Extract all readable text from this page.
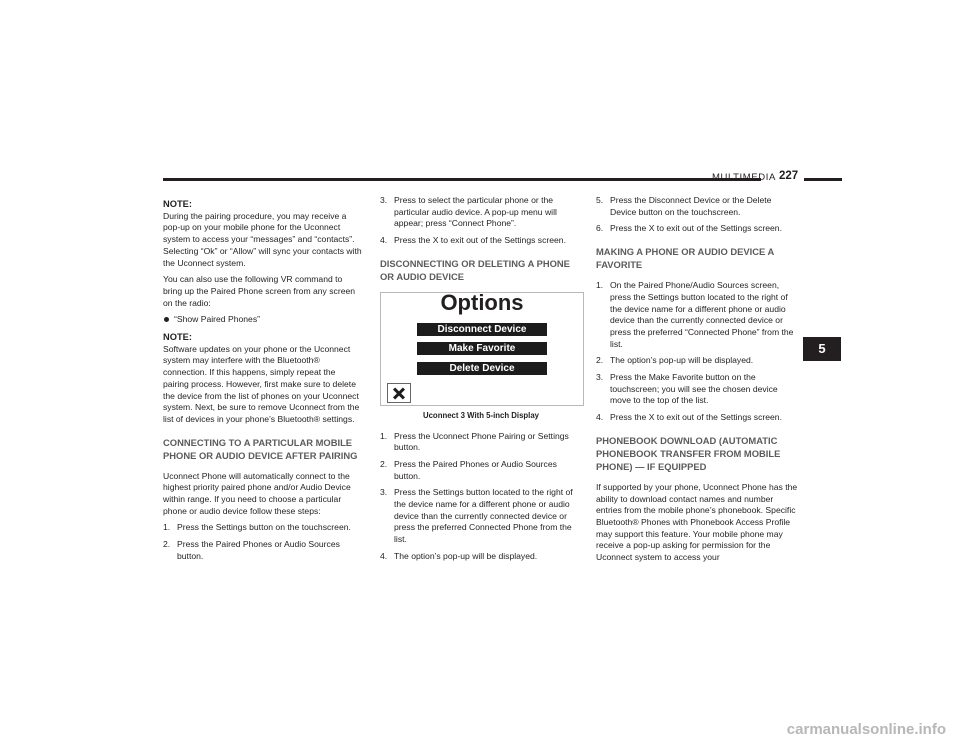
MULTIMEDIA 227
5
NOTE:

During the pairing procedure, you may receive a pop-up on your mobile phone for the Uconnect system to access your “messages” and “contacts”. Selecting “Ok” or “Allow” will sync your contacts with the Uconnect system.

You can also use the following VR command to bring up the Paired Phone screen from any screen on the radio:

“Show Paired Phones”
NOTE:

Software updates on your phone or the Uconnect system may interfere with the Bluetooth® connection. If this happens, simply repeat the pairing process. However, first make sure to delete the device from the list of phones on your Uconnect system. Next, be sure to remove Uconnect from the list of devices in your phone’s Bluetooth® settings.

CONNECTING TO A PARTICULAR MOBILE PHONE OR AUDIO DEVICE AFTER PAIRING

Uconnect Phone will automatically connect to the highest priority paired phone and/or Audio Device within range. If you need to choose a particular phone or audio device follow these steps:

1. Press the Settings button on the touchscreen.
2. Press the Paired Phones or Audio Sources button.
3. Press to select the particular phone or the particular audio device. A pop-up menu will appear; press “Connect Phone”.
4. Press the X to exit out of the Settings screen.
DISCONNECTING OR DELETING A PHONE OR AUDIO DEVICE
Options
Disconnect Device
Make Favorite
Delete Device
Uconnect 3 With 5-inch Display
1. Press the Uconnect Phone Pairing or Settings button.
2. Press the Paired Phones or Audio Sources button.
3. Press the Settings button located to the right of the device name for a different phone or audio device than the currently connected device or press the preferred Connected Phone from the list.
4. The option’s pop-up will be displayed.
5. Press the Disconnect Device or the Delete Device button on the touchscreen.
6. Press the X to exit out of the Settings screen.
MAKING A PHONE OR AUDIO DEVICE A FAVORITE
1. On the Paired Phone/Audio Sources screen, press the Settings button located to the right of the device name for a different phone or audio device than the currently connected device or press the preferred “Connected Phone” from the list.
2. The option’s pop-up will be displayed.
3. Press the Make Favorite button on the touchscreen; you will see the chosen device move to the top of the list.
4. Press the X to exit out of the Settings screen.
PHONEBOOK DOWNLOAD (AUTOMATIC PHONEBOOK TRANSFER FROM MOBILE PHONE) — IF EQUIPPED

If supported by your phone, Uconnect Phone has the ability to download contact names and number entries from the mobile phone’s phonebook. Specific Bluetooth® Phones with Phonebook Access Profile may support this feature. Your mobile phone may receive a pop-up asking for permission for the Uconnect system to access your

carmanualsonline.info
